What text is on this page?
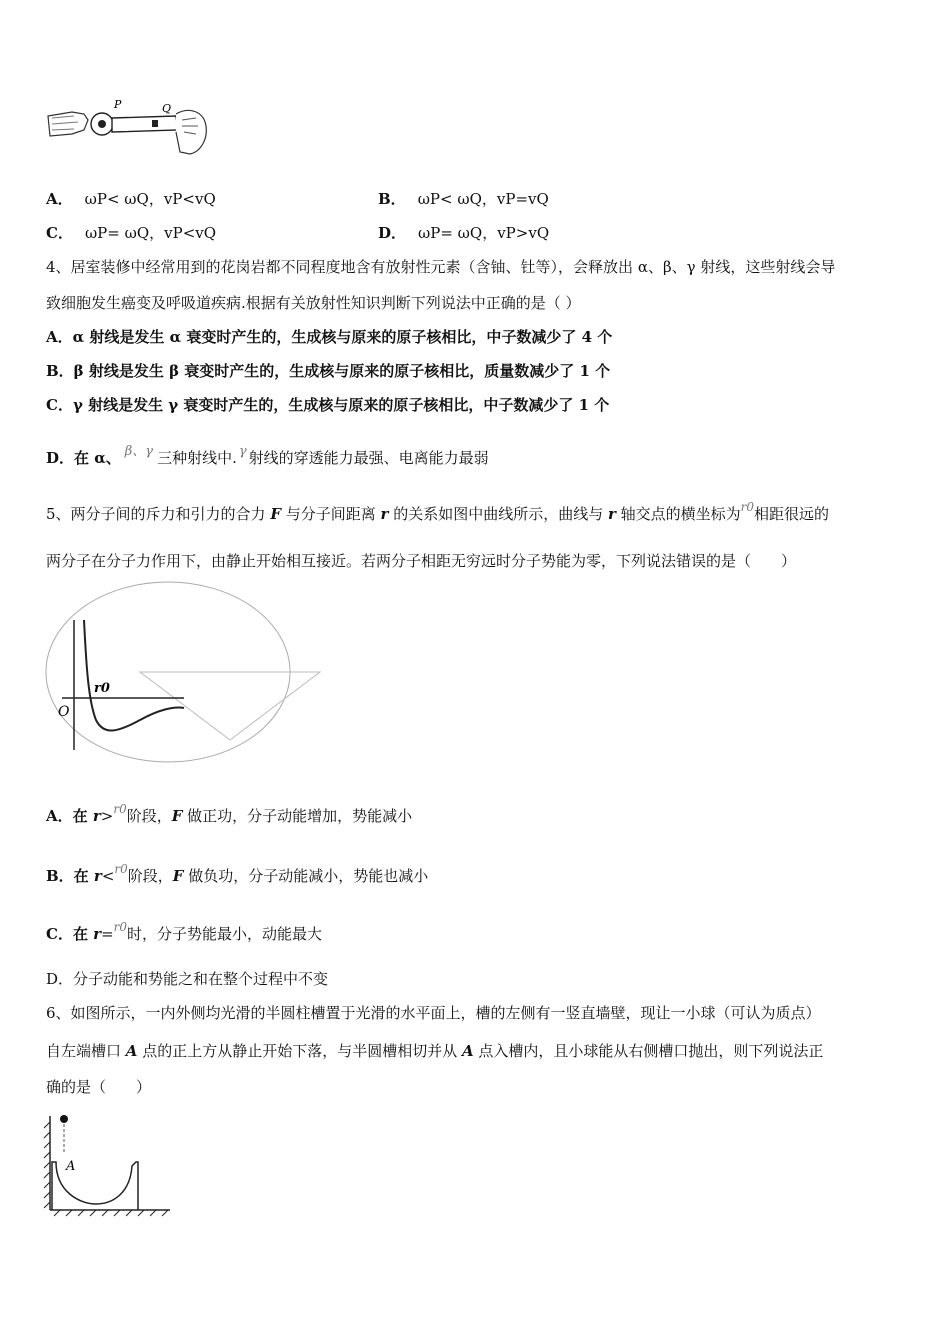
P	Q
A． ωP< ωQ，vP<vQ	B． ωP< ωQ，vP=vQ
C． ωP= ωQ，vP<vQ	D． ωP= ωQ，vP>vQ
4、居室装修中经常用到的花岗岩都不同程度地含有放射性元素（含铀、钍等），会释放出 α、β、γ 射线，这些射线会导
致细胞发生癌变及呼吸道疾病.根据有关放射性知识判断下列说法中正确的是（ ）
A．α 射线是发生 α 衰变时产生的，生成核与原来的原子核相比，中子数减少了 4 个
B．β 射线是发生 β 衰变时产生的，生成核与原来的原子核相比，质量数减少了 1 个
C．γ 射线是发生 γ 衰变时产生的，生成核与原来的原子核相比，中子数减少了 1 个
D．在 α、 β、γ 三种射线中. γ 射线的穿透能力最强、电离能力最弱
5、两分子间的斥力和引力的合力 F 与分子间距离 r 的关系如图中曲线所示，曲线与 r 轴交点的横坐标为$^{r0}$相距很远的
两分子在分子力作用下，由静止开始相互接近。若两分子相距无穷远时分子势能为零，下列说法错误的是（　　）
O
r0
A．在 r>$^{r0}$阶段，F 做正功，分子动能增加，势能减小
B．在 r<$^{r0}$阶段，F 做负功，分子动能减小，势能也减小
C．在 r=$^{r0}$时，分子势能最小，动能最大
D．分子动能和势能之和在整个过程中不变
6、如图所示，一内外侧均光滑的半圆柱槽置于光滑的水平面上，槽的左侧有一竖直墙壁，现让一小球（可认为质点）
自左端槽口 A 点的正上方从静止开始下落，与半圆槽相切并从 A 点入槽内，且小球能从右侧槽口抛出，则下列说法正
确的是（　　）
A
